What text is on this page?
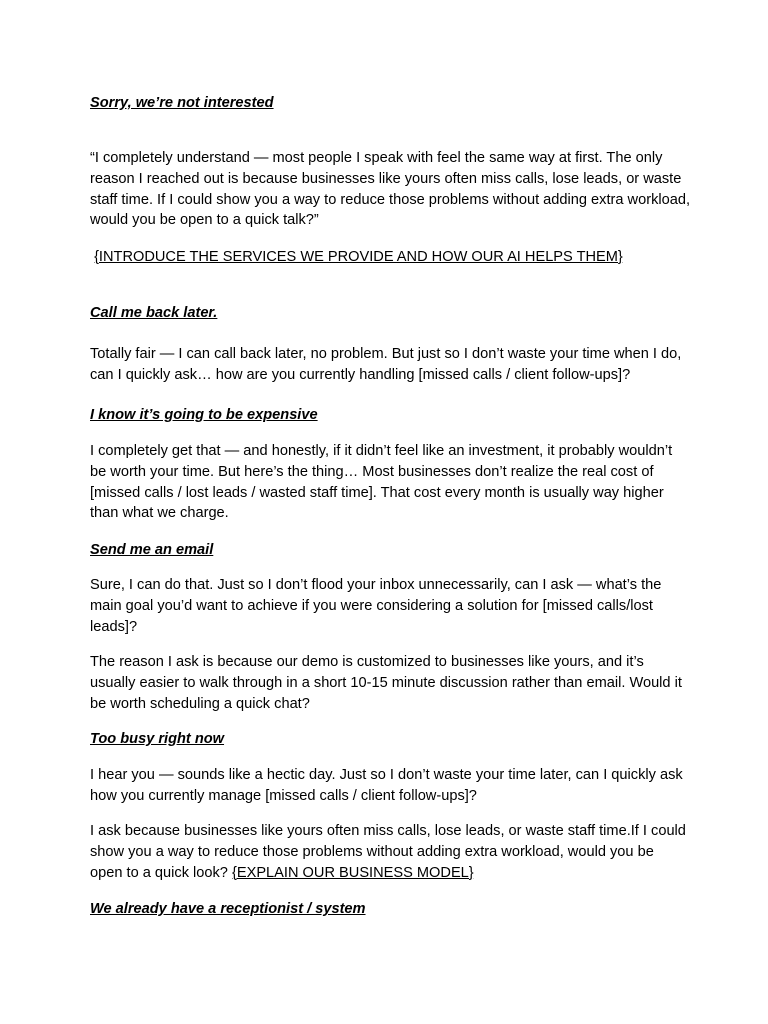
Sorry, we’re not interested

“I completely understand — most people I speak with feel the same way at first. The only reason I reached out is because businesses like yours often miss calls, lose leads, or waste staff time. If I could show you a way to reduce those problems without adding extra workload, would you be open to a quick talk?”

{INTRODUCE THE SERVICES WE PROVIDE AND HOW OUR AI HELPS THEM}

Call me back later.

Totally fair — I can call back later, no problem. But just so I don’t waste your time when I do, can I quickly ask… how are you currently handling [missed calls / client follow-ups]?

I know it’s going to be expensive

I completely get that — and honestly, if it didn’t feel like an investment, it probably wouldn’t be worth your time. But here’s the thing… Most businesses don’t realize the real cost of [missed calls / lost leads / wasted staff time]. That cost every month is usually way higher than what we charge.

Send me an email

Sure, I can do that. Just so I don’t flood your inbox unnecessarily, can I ask — what’s the main goal you’d want to achieve if you were considering a solution for [missed calls/lost leads]?

The reason I ask is because our demo is customized to businesses like yours, and it’s usually easier to walk through in a short 10-15 minute discussion rather than email. Would it be worth scheduling a quick chat?

Too busy right now

I hear you — sounds like a hectic day. Just so I don’t waste your time later, can I quickly ask how you currently manage [missed calls / client follow-ups]?

I ask because businesses like yours often miss calls, lose leads, or waste staff time.If I could show you a way to reduce those problems without adding extra workload, would you be open to a quick look? {EXPLAIN OUR BUSINESS MODEL}

We already have a receptionist / system
